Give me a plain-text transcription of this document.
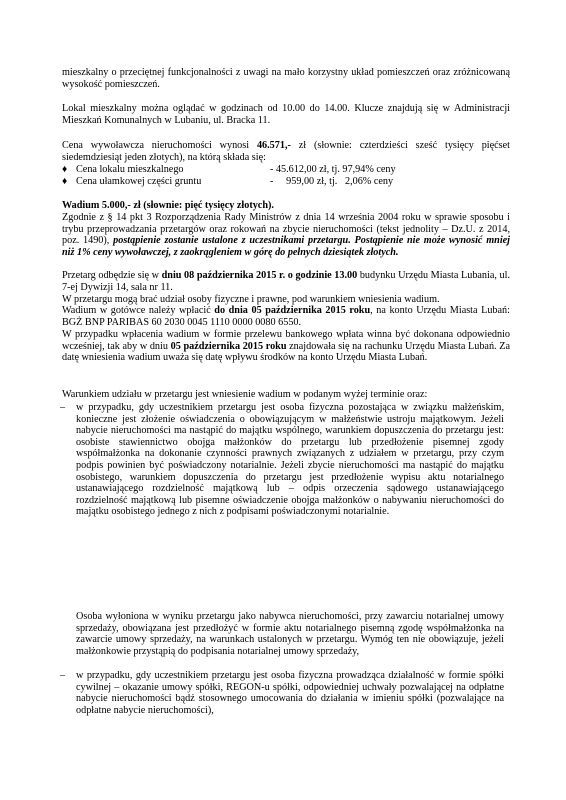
mieszkalny o przeciętnej funkcjonalności z uwagi na mało korzystny układ pomieszczeń oraz zróżnicowaną wysokość pomieszczeń.

Lokal mieszkalny można oglądać w godzinach od 10.00 do 14.00. Klucze znajdują się w Administracji Mieszkań Komunalnych w Lubaniu, ul. Bracka 11.

Cena wywoławcza nieruchomości wynosi 46.571,- zł (słownie: czterdzieści sześć tysięcy pięćset siedemdziesiąt jeden złotych), na którą składa się:

♦ Cena lokalu mieszkalnego	- 45.612,00 zł, tj. 97,94% ceny
♦ Cena ułamkowej części gruntu	-     959,00 zł, tj.   2,06% ceny

Wadium 5.000,- zł (słownie: pięć tysięcy złotych).

Zgodnie z § 14 pkt 3 Rozporządzenia Rady Ministrów z dnia 14 września 2004 roku w sprawie sposobu i trybu przeprowadzania przetargów oraz rokowań na zbycie nieruchomości (tekst jednolity – Dz.U. z 2014, poz. 1490), postąpienie zostanie ustalone z uczestnikami przetargu. Postąpienie nie może wynosić mniej niż 1% ceny wywoławczej, z zaokrągleniem w górę do pełnych dziesiątek złotych.

Przetarg odbędzie się w dniu 08 października 2015 r. o godzinie 13.00 budynku Urzędu Miasta Lubania, ul. 7-ej Dywizji 14, sala nr 11.

W przetargu mogą brać udział osoby fizyczne i prawne, pod warunkiem wniesienia wadium.

Wadium w gotówce należy wpłacić do dnia 05 października 2015 roku, na konto Urzędu Miasta Lubań: BGŻ BNP PARIBAS 60 2030 0045 1110 0000 0080 6550.

W przypadku wpłacenia wadium w formie przelewu bankowego wpłata winna być dokonana odpowiednio wcześniej, tak aby w dniu 05 października 2015 roku znajdowała się na rachunku Urzędu Miasta Lubań. Za datę wniesienia wadium uważa się datę wpływu środków na konto Urzędu Miasta Lubań.

Warunkiem udziału w przetargu jest wniesienie wadium w podanym wyżej terminie oraz:

– w przypadku, gdy uczestnikiem przetargu jest osoba fizyczna pozostająca w związku małżeńskim, konieczne jest złożenie oświadczenia o obowiązującym w małżeństwie ustroju majątkowym. Jeżeli nabycie nieruchomości ma nastąpić do majątku wspólnego, warunkiem dopuszczenia do przetargu jest: osobiste stawiennictwo obojga małżonków do przetargu lub przedłożenie pisemnej zgody współmałżonka na dokonanie czynności prawnych związanych z udziałem w przetargu, przy czym podpis powinien być poświadczony notarialnie. Jeżeli zbycie nieruchomości ma nastąpić do majątku osobistego, warunkiem dopuszczenia do przetargu jest przedłożenie wypisu aktu notarialnego ustanawiającego rozdzielność majątkową lub – odpis orzeczenia sądowego ustanawiającego rozdzielność majątkową lub pisemne oświadczenie obojga małżonków o nabywaniu nieruchomości do majątku osobistego jednego z nich z podpisami poświadczonymi notarialnie.
Osoba wyłoniona w wyniku przetargu jako nabywca nieruchomości, przy zawarciu notarialnej umowy sprzedaży, obowiązana jest przedłożyć w formie aktu notarialnego pisemną zgodę współmałżonka na zawarcie umowy sprzedaży, na warunkach ustalonych w przetargu. Wymóg ten nie obowiązuje, jeżeli małżonkowie przystąpią do podpisania notarialnej umowy sprzedaży,
– w przypadku, gdy uczestnikiem przetargu jest osoba fizyczna prowadząca działalność w formie spółki cywilnej – okazanie umowy spółki, REGON-u spółki, odpowiedniej uchwały pozwalającej na odpłatne nabycie nieruchomości bądź stosownego umocowania do działania w imieniu spółki (pozwalające na odpłatne nabycie nieruchomości),
